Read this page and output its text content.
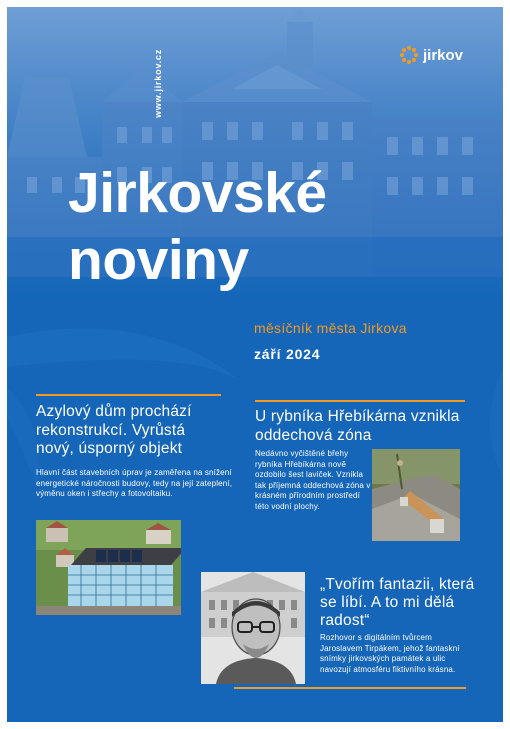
www.jirkov.cz	jirkov
Jirkovské
noviny
měsíčník města Jirkova
září 2024
Azylový dům prochází rekonstrukcí. Vyrůstá nový, úsporný objekt
Hlavní část stavebních úprav je zaměřena na snížení energetické náročnosti budovy, tedy na její zateplení, výměnu oken i střechy a fotovoltaiku.
U rybníka Hřebíkárna vznikla oddechová zóna
Nedávno vyčištěné břehy rybníka Hřebíkárna nově ozdobilo šest laviček. Vznikla tak příjemná oddechová zóna v krásném přírodním prostředí této vodní plochy.
„Tvořím fantazii, která se líbí. A to mi dělá radost“
Rozhovor s digitálním tvůrcem Jaroslavem Tirpákem, jehož fantaskní snímky jirkovských památek a ulic navozují atmosféru fiktivního krásna.
